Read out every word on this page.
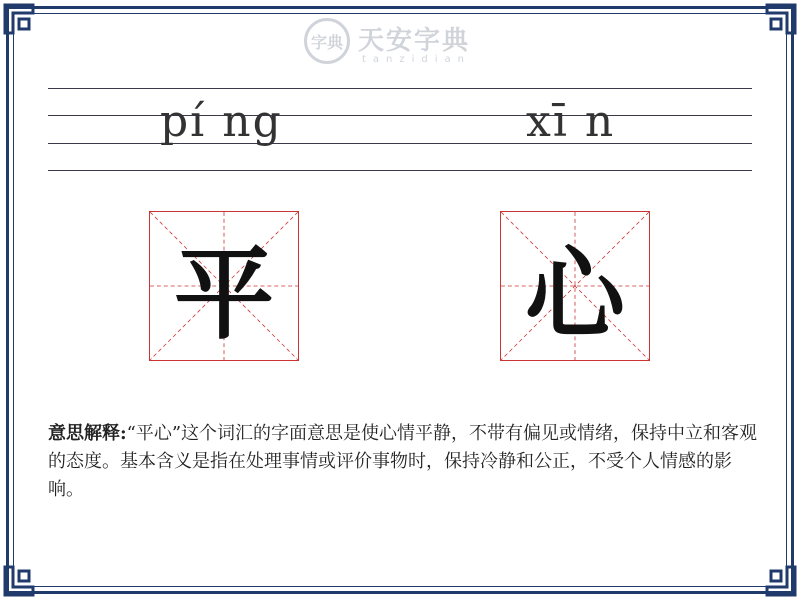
字典 天安字典
tanzidian
pí ng	xī n
平	心
意思解释:“平心”这个词汇的字面意思是使心情平静，不带有偏见或情绪，保持中立和客观的态度。基本含义是指在处理事情或评价事物时，保持冷静和公正，不受个人情感的影响。
